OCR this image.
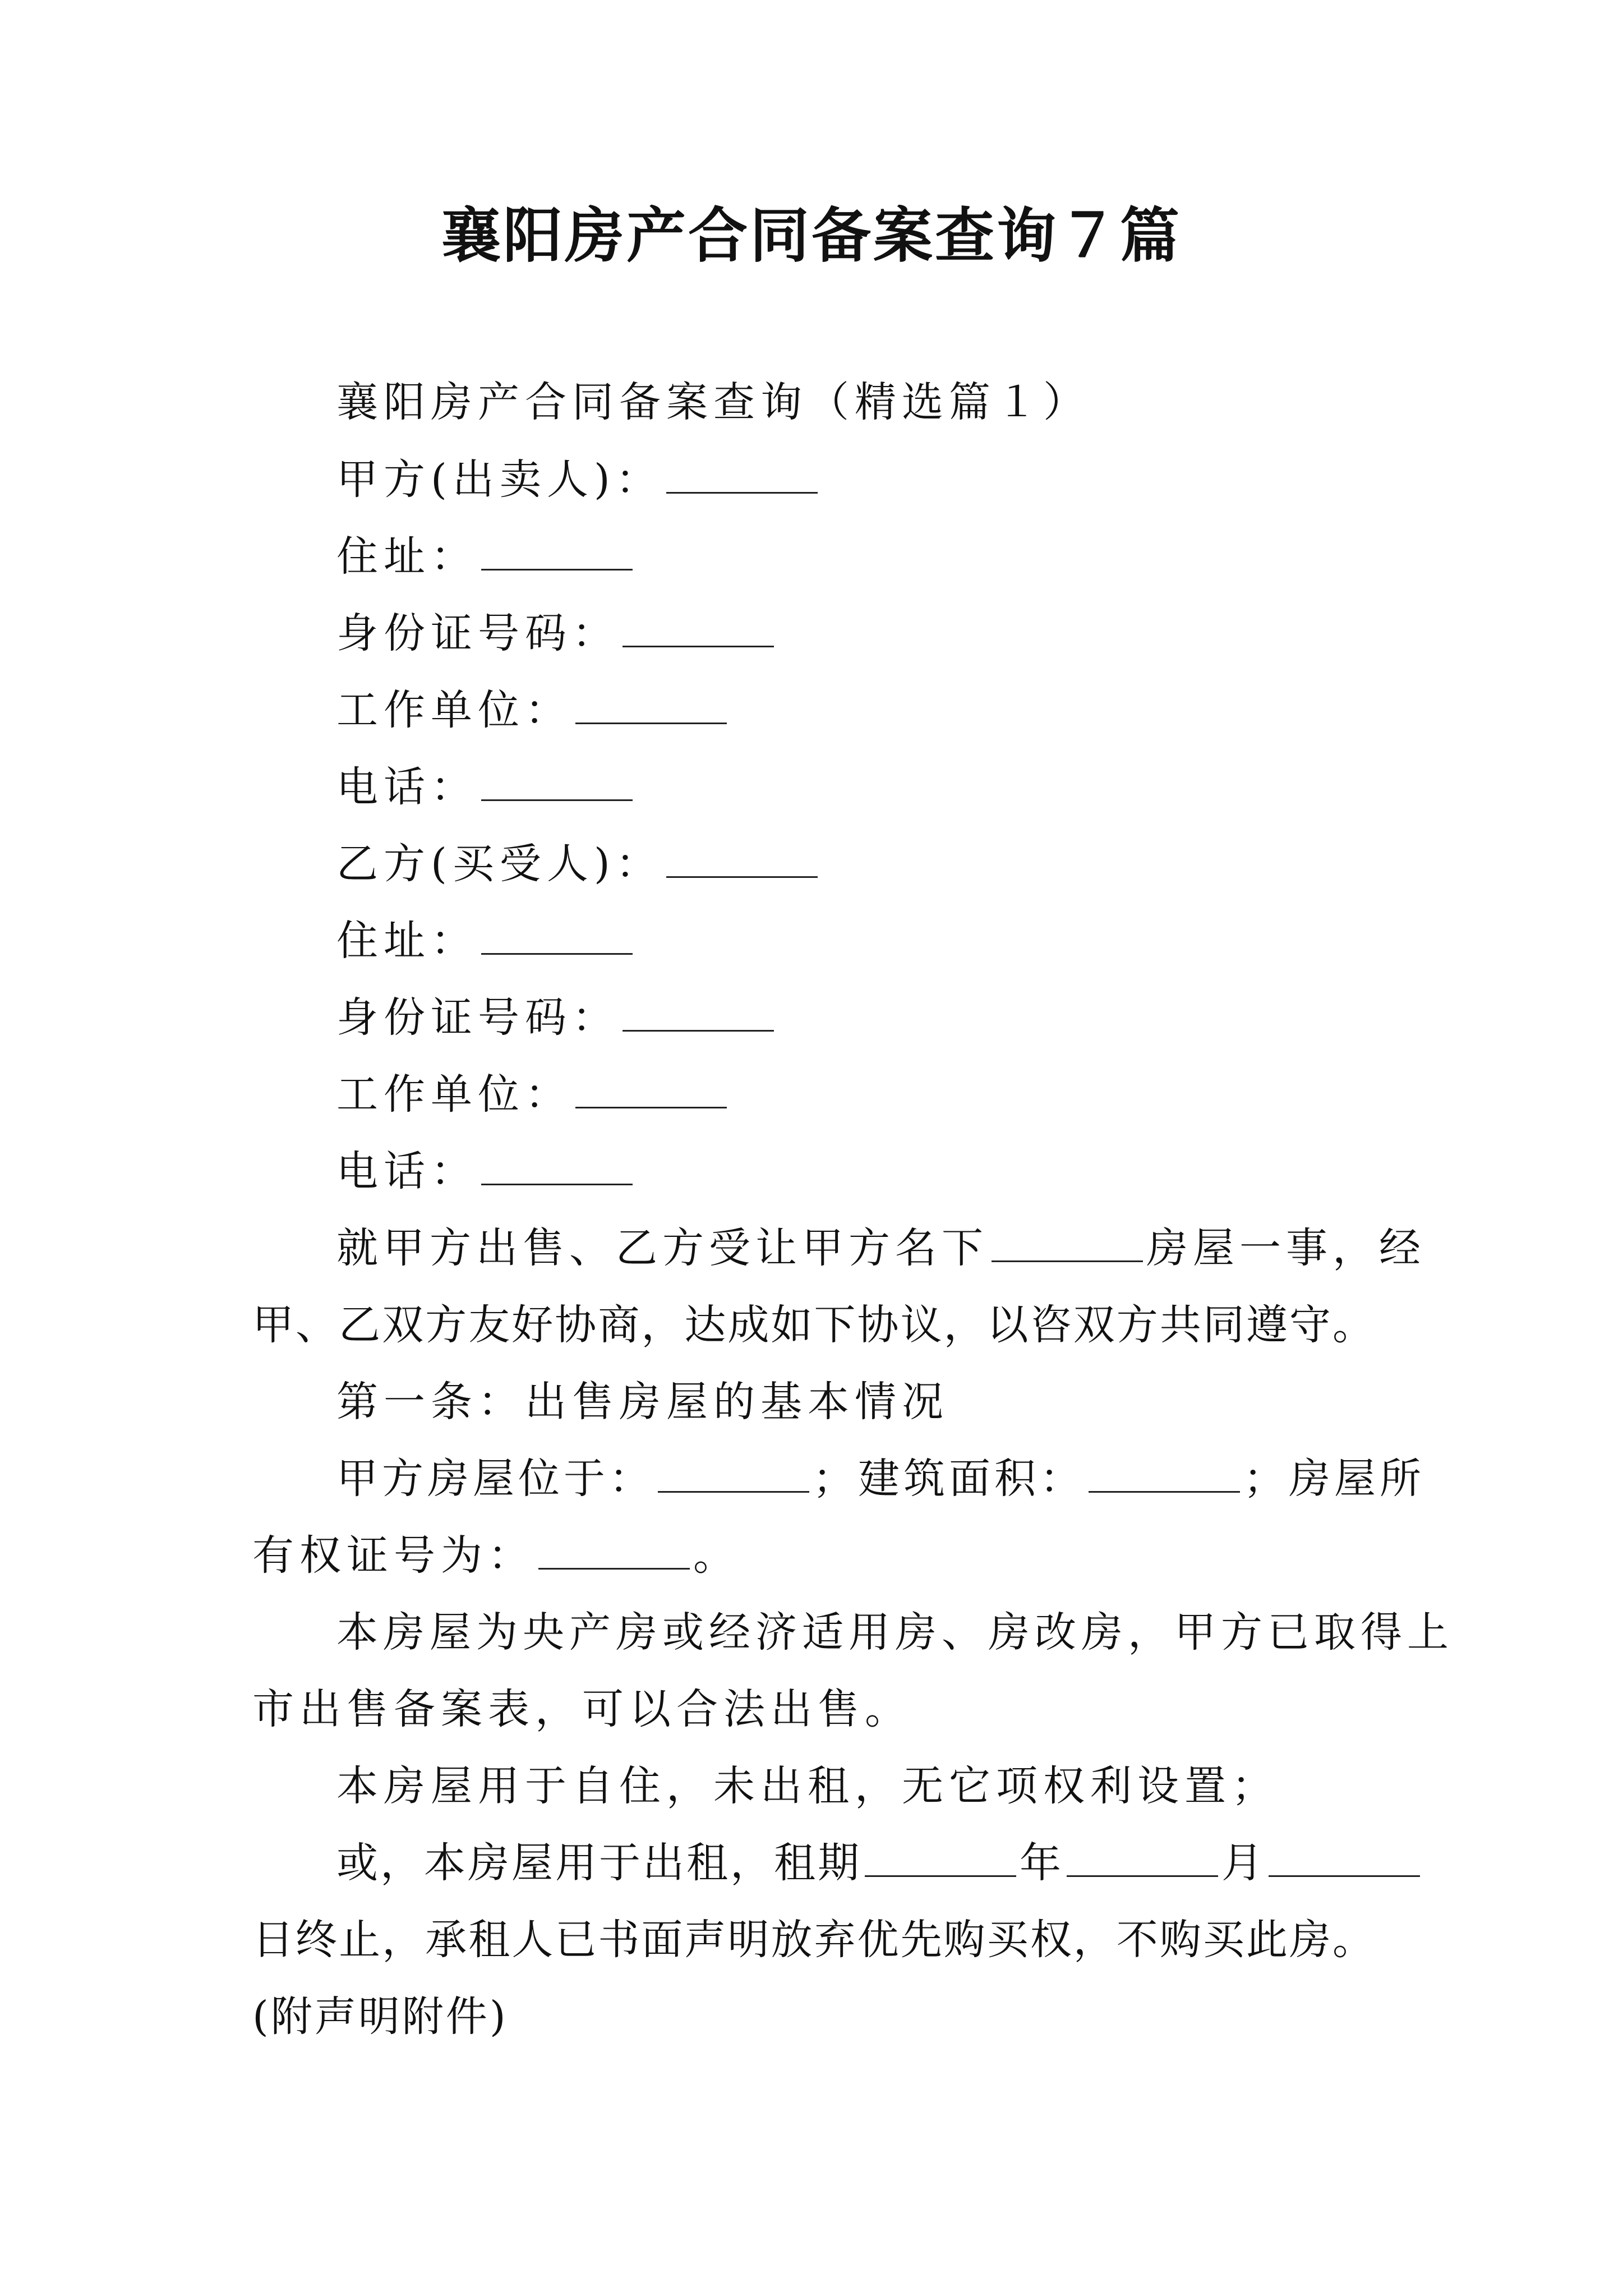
襄阳房产合同备案查询７篇

襄阳房产合同备案查询（精选篇１）

甲方(出卖人)：

住址：

身份证号码：

工作单位：

电话：

乙方(买受人)：

住址：

身份证号码：

工作单位：

电话：

就甲方出售、乙方受让甲方名下	房屋一事，经

甲、乙双方友好协商，达成如下协议，以咨双方共同遵守。

第一条：出售房屋的基本情况

甲方房屋位于：	；建筑面积：	；房屋所

有权证号为：	。

本房屋为央产房或经济适用房、房改房，甲方已取得上

市出售备案表，可以合法出售。

本房屋用于自住，未出租，无它项权利设置；

或，本房屋用于出租，租期	年	月

日终止，承租人已书面声明放弃优先购买权，不购买此房。

(附声明附件)
